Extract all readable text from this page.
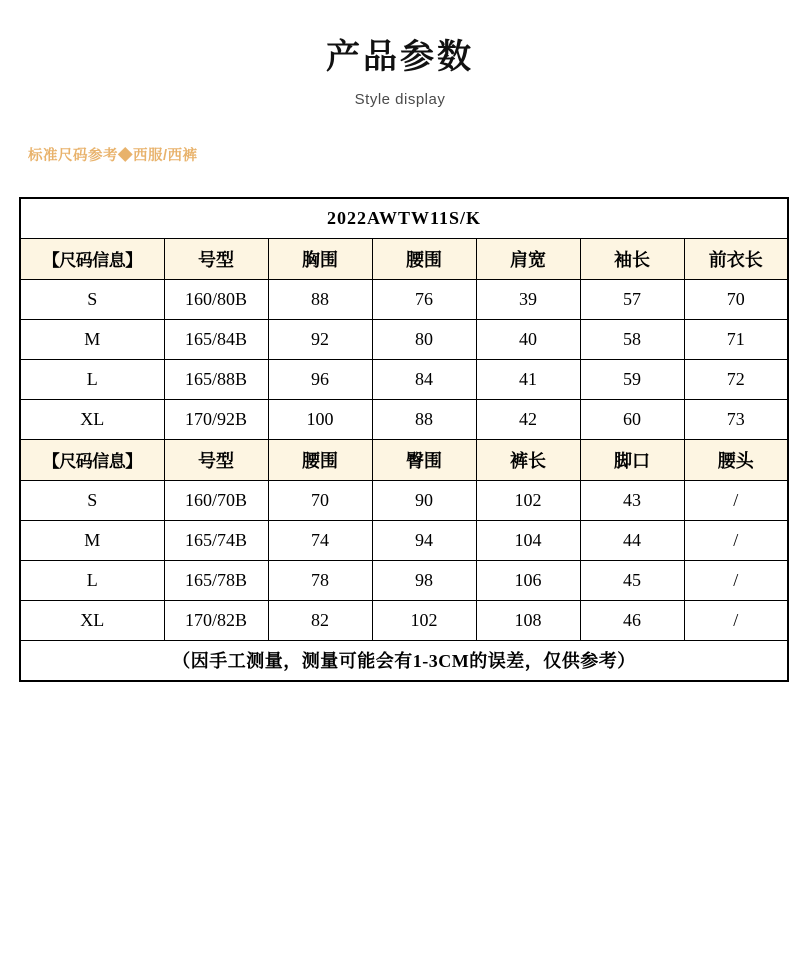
产品参数
Style display
标准尺码参考◆西服/西裤
2022AWTW11S/K						
【尺码信息】	号型	胸围	腰围	肩宽	袖长	前衣长
S	160/80B	88	76	39	57	70
M	165/84B	92	80	40	58	71
L	165/88B	96	84	41	59	72
XL	170/92B	100	88	42	60	73
【尺码信息】	号型	腰围	臀围	裤长	脚口	腰头
S	160/70B	70	90	102	43	/
M	165/74B	74	94	104	44	/
L	165/78B	78	98	106	45	/
XL	170/82B	82	102	108	46	/
（因手工测量，测量可能会有1-3CM的误差，仅供参考）						
